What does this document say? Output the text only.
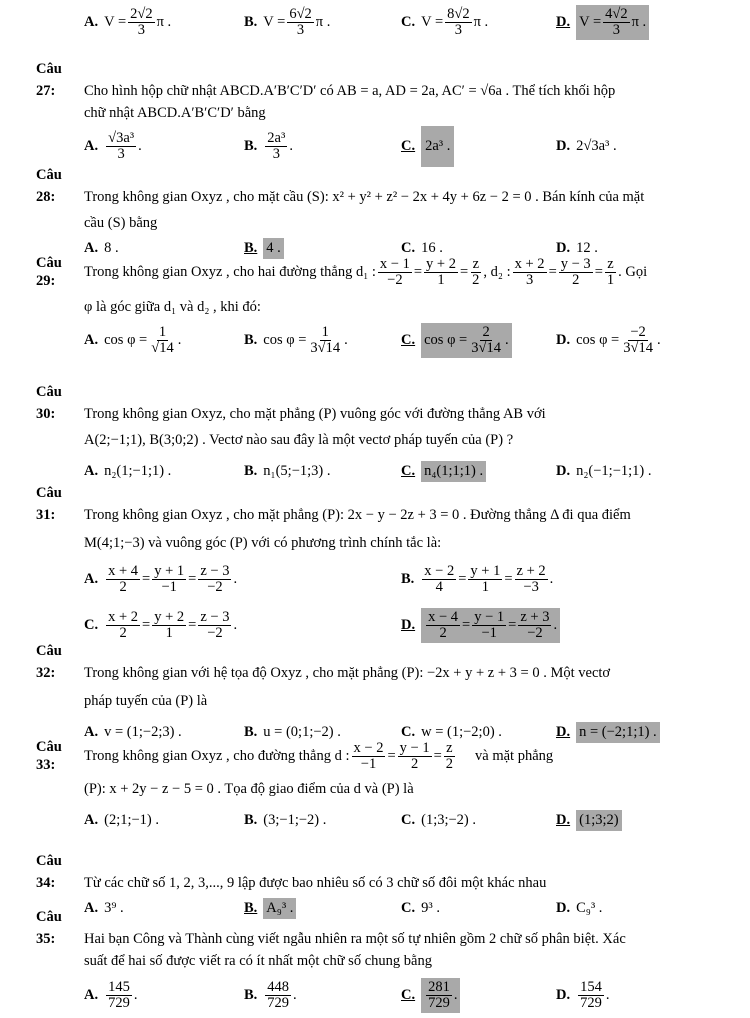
A. $V = \frac{2√2}{3}$ π .	B. $V = \frac{6√2}{3}$ π .	C. $V = \frac{8√2}{3}$ π .	D. $V = \frac{4√2}{3}$ π .
Câu 27: Cho hình hộp chữ nhật ABCD.A′B′C′D′ có AB = a, AD = 2a, AC′ = √6a . Thể tích khối hộp
chữ nhật ABCD.A′B′C′D′ bằng
A. $\frac{\text{√3a³}}{3}$ .	B. $\frac{\text{2a³}}{3}$ .	C. 2a³ .	D. 2√3a³ .
Câu 28: Trong không gian Oxyz , cho mặt cầu (S): x² + y² + z² − 2x + 4y + 6z − 2 = 0 . Bán kính của mặt
cầu (S) bằng
A. 8 .	B. 4 .	C. 16 .	D. 12 .
Câu 29:
Trong không gian Oxyz , cho hai đường thẳng d₁ : $\frac{x - 1}{-2} = \frac{y + 2}{1} = \frac{z}{2}$ , d₂ : $\frac{x + 2}{3} = \frac{y - 3}{2} = \frac{z}{1}$ . Gọi
φ là góc giữa d₁ và d₂ , khi đó:
A. $\cos \varphi = \frac{1}{√14}$ .	B. $\cos \varphi = \frac{1}{3√14}$ .	C. $\cos \varphi = \frac{2}{3√14}$ .	D. $\cos \varphi = \frac{-2}{3√14}$ .
Câu 30: Trong không gian Oxyz, cho mặt phẳng (P) vuông góc với đường thẳng AB với
A(2;−1;1), B(3;0;2) . Vectơ nào sau đây là một vectơ pháp tuyến của (P) ?
A. n₂(1;−1;1) .	B. n₁(5;−1;3) .	C. n₄(1;1;1) .	D. n₂(−1;−1;1) .
Câu 31: Trong không gian Oxyz , cho mặt phẳng (P): 2x − y − 2z + 3 = 0 . Đường thẳng Δ đi qua điểm
M(4;1;−3) và vuông góc (P) với có phương trình chính tắc là:
A. $\frac{x + 4}{2} = \frac{y + 1}{-1} = \frac{z - 3}{-2}$ .	B. $\frac{x - 2}{4} = \frac{y + 1}{1} = \frac{z + 2}{-3}$ .
C. $\frac{x + 2}{2} = \frac{y + 2}{1} = \frac{z - 3}{-2}$ .	D. $\frac{x - 4}{2} = \frac{y - 1}{-1} = \frac{z + 3}{-2}$ .
Câu 32: Trong không gian với hệ tọa độ Oxyz , cho mặt phẳng (P): −2x + y + z + 3 = 0 . Một vectơ
pháp tuyến của (P) là
A. v = (1;−2;3) .	B. u = (0;1;−2) .	C. w = (1;−2;0) .	D. n = (−2;1;1) .
Câu 33:
Trong không gian Oxyz , cho đường thẳng d : $\frac{x - 2}{-1} = \frac{y - 1}{2} = \frac{z}{2}$ và mặt phẳng
(P): x + 2y − z − 5 = 0 . Tọa độ giao điểm của d và (P) là
A. (2;1;−1) .	B. (3;−1;−2) .	C. (1;3;−2) .	D. (1;3;2)
Câu 34: Từ các chữ số 1, 2, 3,..., 9 lập được bao nhiêu số có 3 chữ số đôi một khác nhau
A. 3⁹ .	B. A₉³ .	C. 9³ .	D. C₉³ .
Câu 35: Hai bạn Công và Thành cùng viết ngẫu nhiên ra một số tự nhiên gồm 2 chữ số phân biệt. Xác
suất để hai số được viết ra có ít nhất một chữ số chung bằng
A. $\frac{145}{729}$ .	B. $\frac{448}{729}$ .	C. $\frac{281}{729}$ .	D. $\frac{154}{729}$ .
